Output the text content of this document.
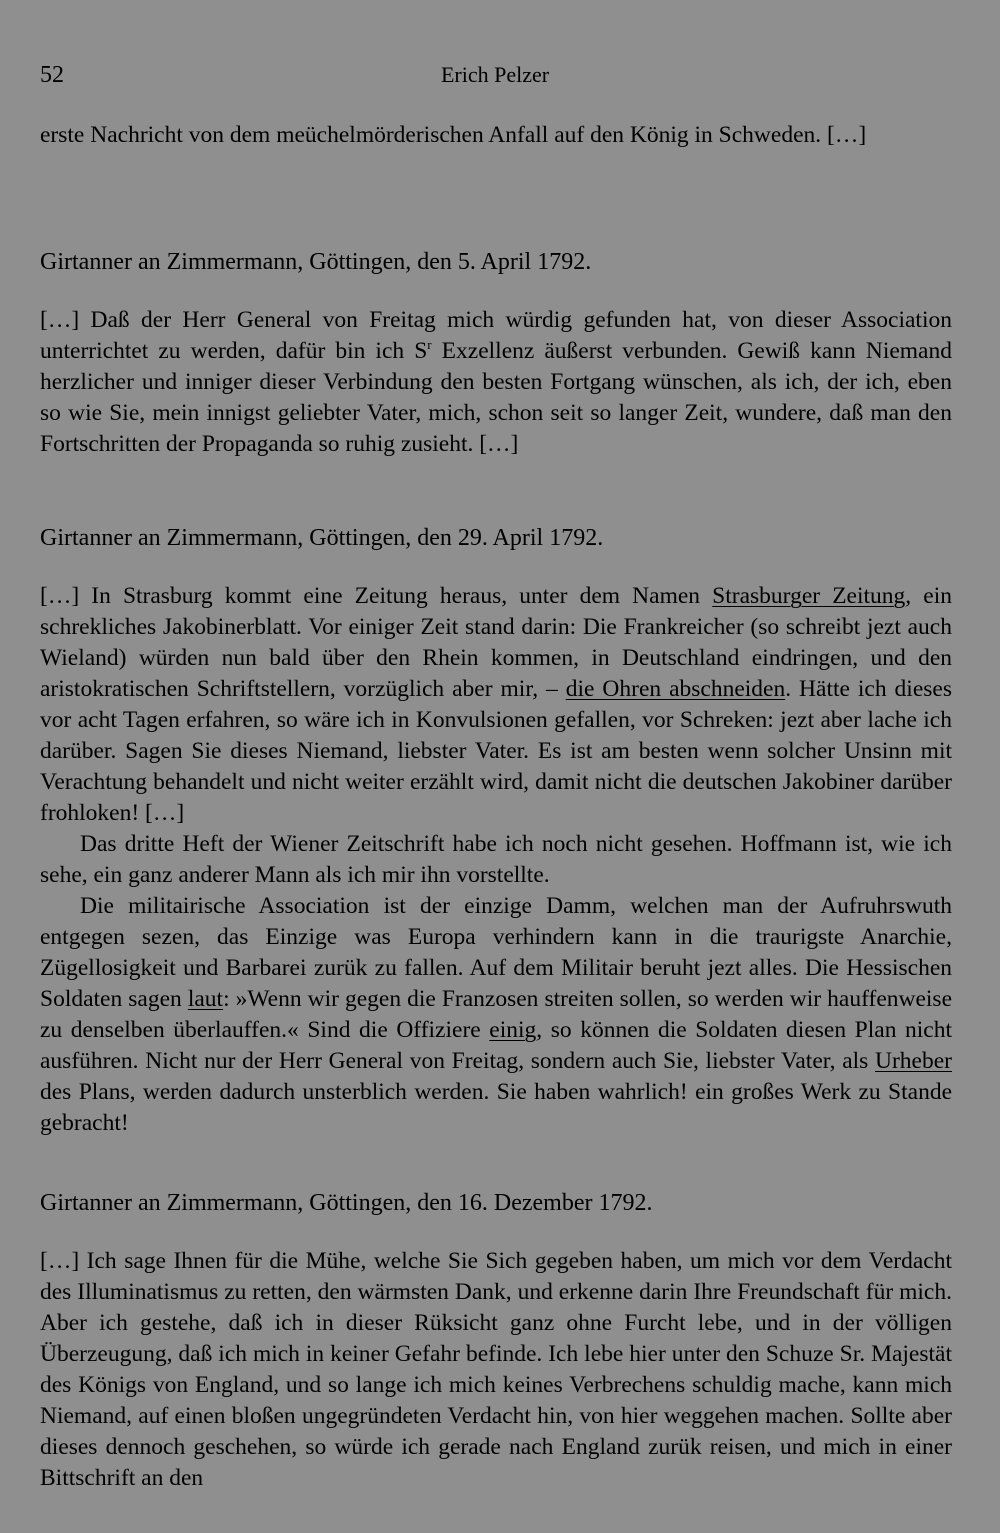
52	Erich Pelzer

erste Nachricht von dem meüchelmörderischen Anfall auf den König in Schweden. […]

Girtanner an Zimmermann, Göttingen, den 5. April 1792.

[…] Daß der Herr General von Freitag mich würdig gefunden hat, von dieser Association unterrichtet zu werden, dafür bin ich $S^r$ Exzellenz äußerst verbunden. Gewiß kann Niemand herzlicher und inniger dieser Verbindung den besten Fortgang wünschen, als ich, der ich, eben so wie Sie, mein innigst geliebter Vater, mich, schon seit so langer Zeit, wundere, daß man den Fortschritten der Propaganda so ruhig zusieht. […]

Girtanner an Zimmermann, Göttingen, den 29. April 1792.

[…] In Strasburg kommt eine Zeitung heraus, unter dem Namen Strasburger Zeitung, ein schrekliches Jakobinerblatt. Vor einiger Zeit stand darin: Die Frankreicher (so schreibt jezt auch Wieland) würden nun bald über den Rhein kommen, in Deutschland eindringen, und den aristokratischen Schriftstellern, vorzüglich aber mir, – die Ohren abschneiden. Hätte ich dieses vor acht Tagen erfahren, so wäre ich in Konvulsionen gefallen, vor Schreken: jezt aber lache ich darüber. Sagen Sie dieses Niemand, liebster Vater. Es ist am besten wenn solcher Unsinn mit Verachtung behandelt und nicht weiter erzählt wird, damit nicht die deutschen Jakobiner darüber frohloken! […]

Das dritte Heft der Wiener Zeitschrift habe ich noch nicht gesehen. Hoffmann ist, wie ich sehe, ein ganz anderer Mann als ich mir ihn vorstellte.

Die militairische Association ist der einzige Damm, welchen man der Aufruhrswuth entgegen sezen, das Einzige was Europa verhindern kann in die traurigste Anarchie, Zügellosigkeit und Barbarei zurük zu fallen. Auf dem Militair beruht jezt alles. Die Hessischen Soldaten sagen laut: »Wenn wir gegen die Franzosen streiten sollen, so werden wir hauffenweise zu denselben überlauffen.« Sind die Offiziere einig, so können die Soldaten diesen Plan nicht ausführen. Nicht nur der Herr General von Freitag, sondern auch Sie, liebster Vater, als Urheber des Plans, werden dadurch unsterblich werden. Sie haben wahrlich! ein großes Werk zu Stande gebracht!

Girtanner an Zimmermann, Göttingen, den 16. Dezember 1792.

[…] Ich sage Ihnen für die Mühe, welche Sie Sich gegeben haben, um mich vor dem Verdacht des Illuminatismus zu retten, den wärmsten Dank, und erkenne darin Ihre Freundschaft für mich. Aber ich gestehe, daß ich in dieser Rüksicht ganz ohne Furcht lebe, und in der völligen Überzeugung, daß ich mich in keiner Gefahr befinde. Ich lebe hier unter den Schuze Sr. Majestät des Königs von England, und so lange ich mich keines Verbrechens schuldig mache, kann mich Niemand, auf einen bloßen ungegründeten Verdacht hin, von hier weggehen machen. Sollte aber dieses dennoch geschehen, so würde ich gerade nach England zurük reisen, und mich in einer Bittschrift an den
